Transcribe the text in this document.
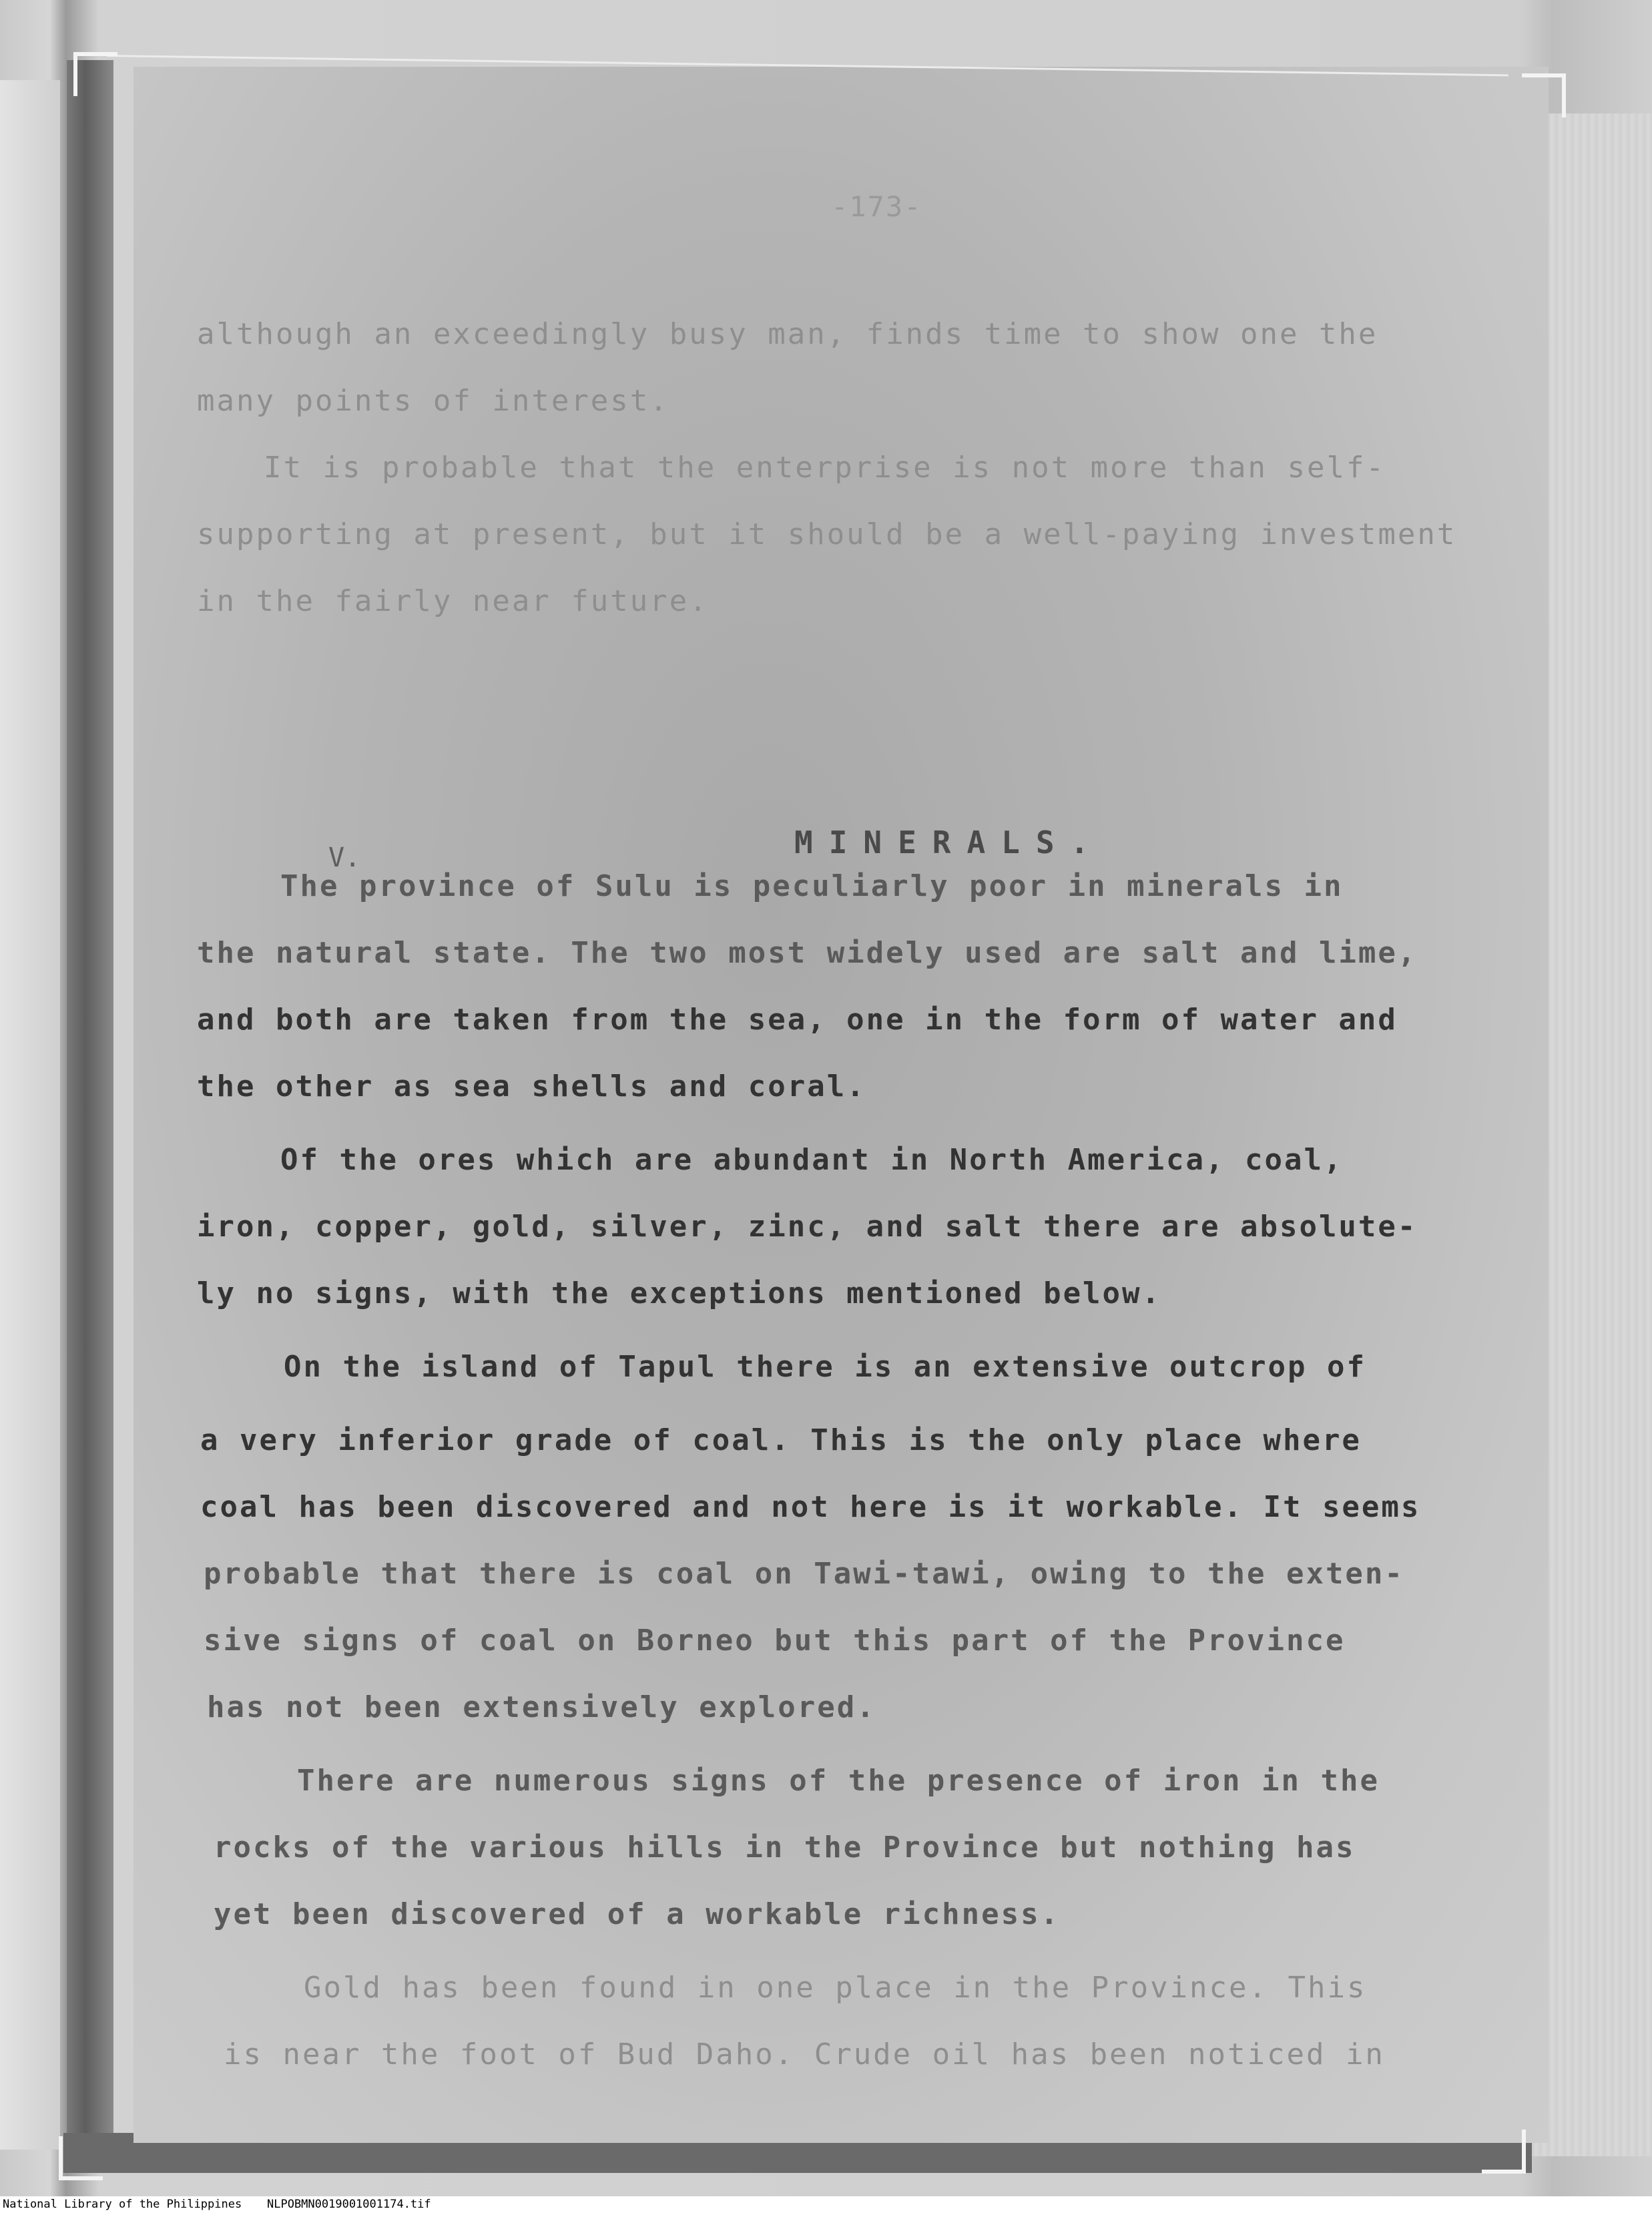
-173-
although an exceedingly busy man, finds time to show one the
many points of interest.
It is probable that the enterprise is not more than self-
supporting at present, but it should be a well-paying investment
in the fairly near future.
V.	MINERALS.
The province of Sulu is peculiarly poor in minerals in
the natural state. The two most widely used are salt and lime,
and both are taken from the sea, one in the form of water and
the other as sea shells and coral.
Of the ores which are abundant in North America, coal,
iron, copper, gold, silver, zinc, and salt there are absolute-
ly no signs, with the exceptions mentioned below.
On the island of Tapul there is an extensive outcrop of
a very inferior grade of coal. This is the only place where
coal has been discovered and not here is it workable. It seems
probable that there is coal on Tawi-tawi, owing to the exten-
sive signs of coal on Borneo but this part of the Province
has not been extensively explored.
There are numerous signs of the presence of iron in the
rocks of the various hills in the Province but nothing has
yet been discovered of a workable richness.
Gold has been found in one place in the Province. This
is near the foot of Bud Daho. Crude oil has been noticed in
National Library of the Philippines NLPOBMN0019001001174.tif
